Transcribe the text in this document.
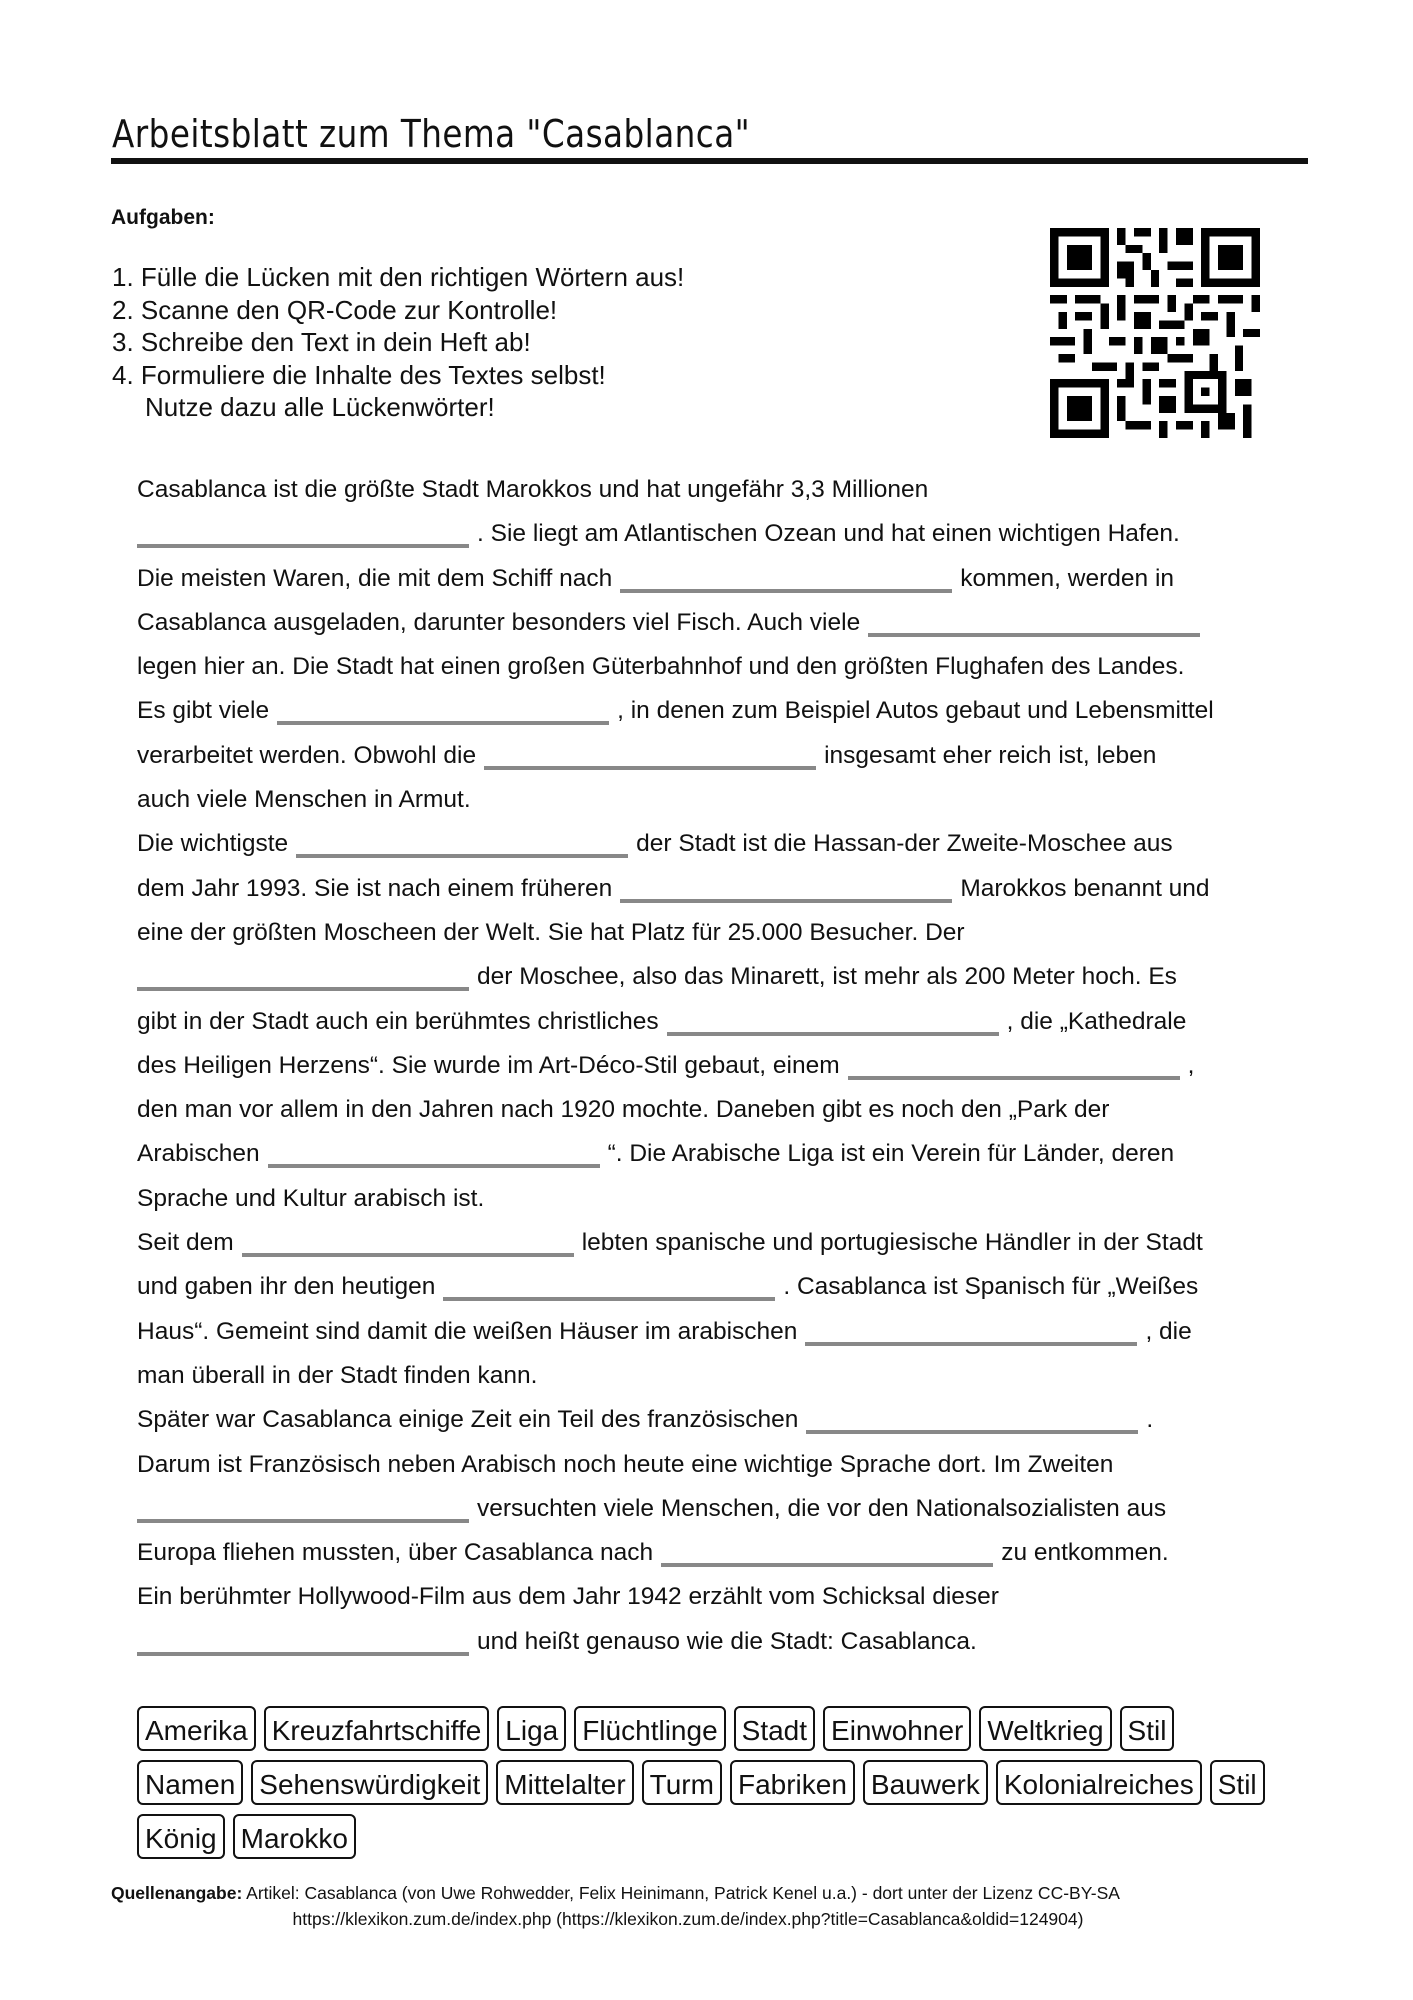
Arbeitsblatt zum Thema "Casablanca"
Aufgaben:
1. Fülle die Lücken mit den richtigen Wörtern aus!
2. Scanne den QR-Code zur Kontrolle!
3. Schreibe den Text in dein Heft ab!
4. Formuliere die Inhalte des Textes selbst!
Nutze dazu alle Lückenwörter!
Casablanca ist die größte Stadt Marokkos und hat ungefähr 3,3 Millionen
. Sie liegt am Atlantischen Ozean und hat einen wichtigen Hafen.
Die meisten Waren, die mit dem Schiff nach	kommen, werden in
Casablanca ausgeladen, darunter besonders viel Fisch. Auch viele
legen hier an. Die Stadt hat einen großen Güterbahnhof und den größten Flughafen des Landes.
Es gibt viele	, in denen zum Beispiel Autos gebaut und Lebensmittel
verarbeitet werden. Obwohl die	insgesamt eher reich ist, leben
auch viele Menschen in Armut.
Die wichtigste	der Stadt ist die Hassan-der Zweite-Moschee aus
dem Jahr 1993. Sie ist nach einem früheren	Marokkos benannt und
eine der größten Moscheen der Welt. Sie hat Platz für 25.000 Besucher. Der
der Moschee, also das Minarett, ist mehr als 200 Meter hoch. Es
gibt in der Stadt auch ein berühmtes christliches	, die „Kathedrale
des Heiligen Herzens“. Sie wurde im Art-Déco-Stil gebaut, einem	,
den man vor allem in den Jahren nach 1920 mochte. Daneben gibt es noch den „Park der
Arabischen	“. Die Arabische Liga ist ein Verein für Länder, deren
Sprache und Kultur arabisch ist.
Seit dem	lebten spanische und portugiesische Händler in der Stadt
und gaben ihr den heutigen	. Casablanca ist Spanisch für „Weißes
Haus“. Gemeint sind damit die weißen Häuser im arabischen	, die
man überall in der Stadt finden kann.
Später war Casablanca einige Zeit ein Teil des französischen	.
Darum ist Französisch neben Arabisch noch heute eine wichtige Sprache dort. Im Zweiten
versuchten viele Menschen, die vor den Nationalsozialisten aus
Europa fliehen mussten, über Casablanca nach	zu entkommen.
Ein berühmter Hollywood-Film aus dem Jahr 1942 erzählt vom Schicksal dieser
und heißt genauso wie die Stadt: Casablanca.
Amerika Kreuzfahrtschiffe Liga Flüchtlinge Stadt Einwohner Weltkrieg Stil
Namen Sehenswürdigkeit Mittelalter Turm Fabriken Bauwerk Kolonialreiches Stil
König Marokko
Quellenangabe: Artikel: Casablanca (von Uwe Rohwedder, Felix Heinimann, Patrick Kenel u.a.) - dort unter der Lizenz CC-BY-SA
https://klexikon.zum.de/index.php (https://klexikon.zum.de/index.php?title=Casablanca&oldid=124904)
